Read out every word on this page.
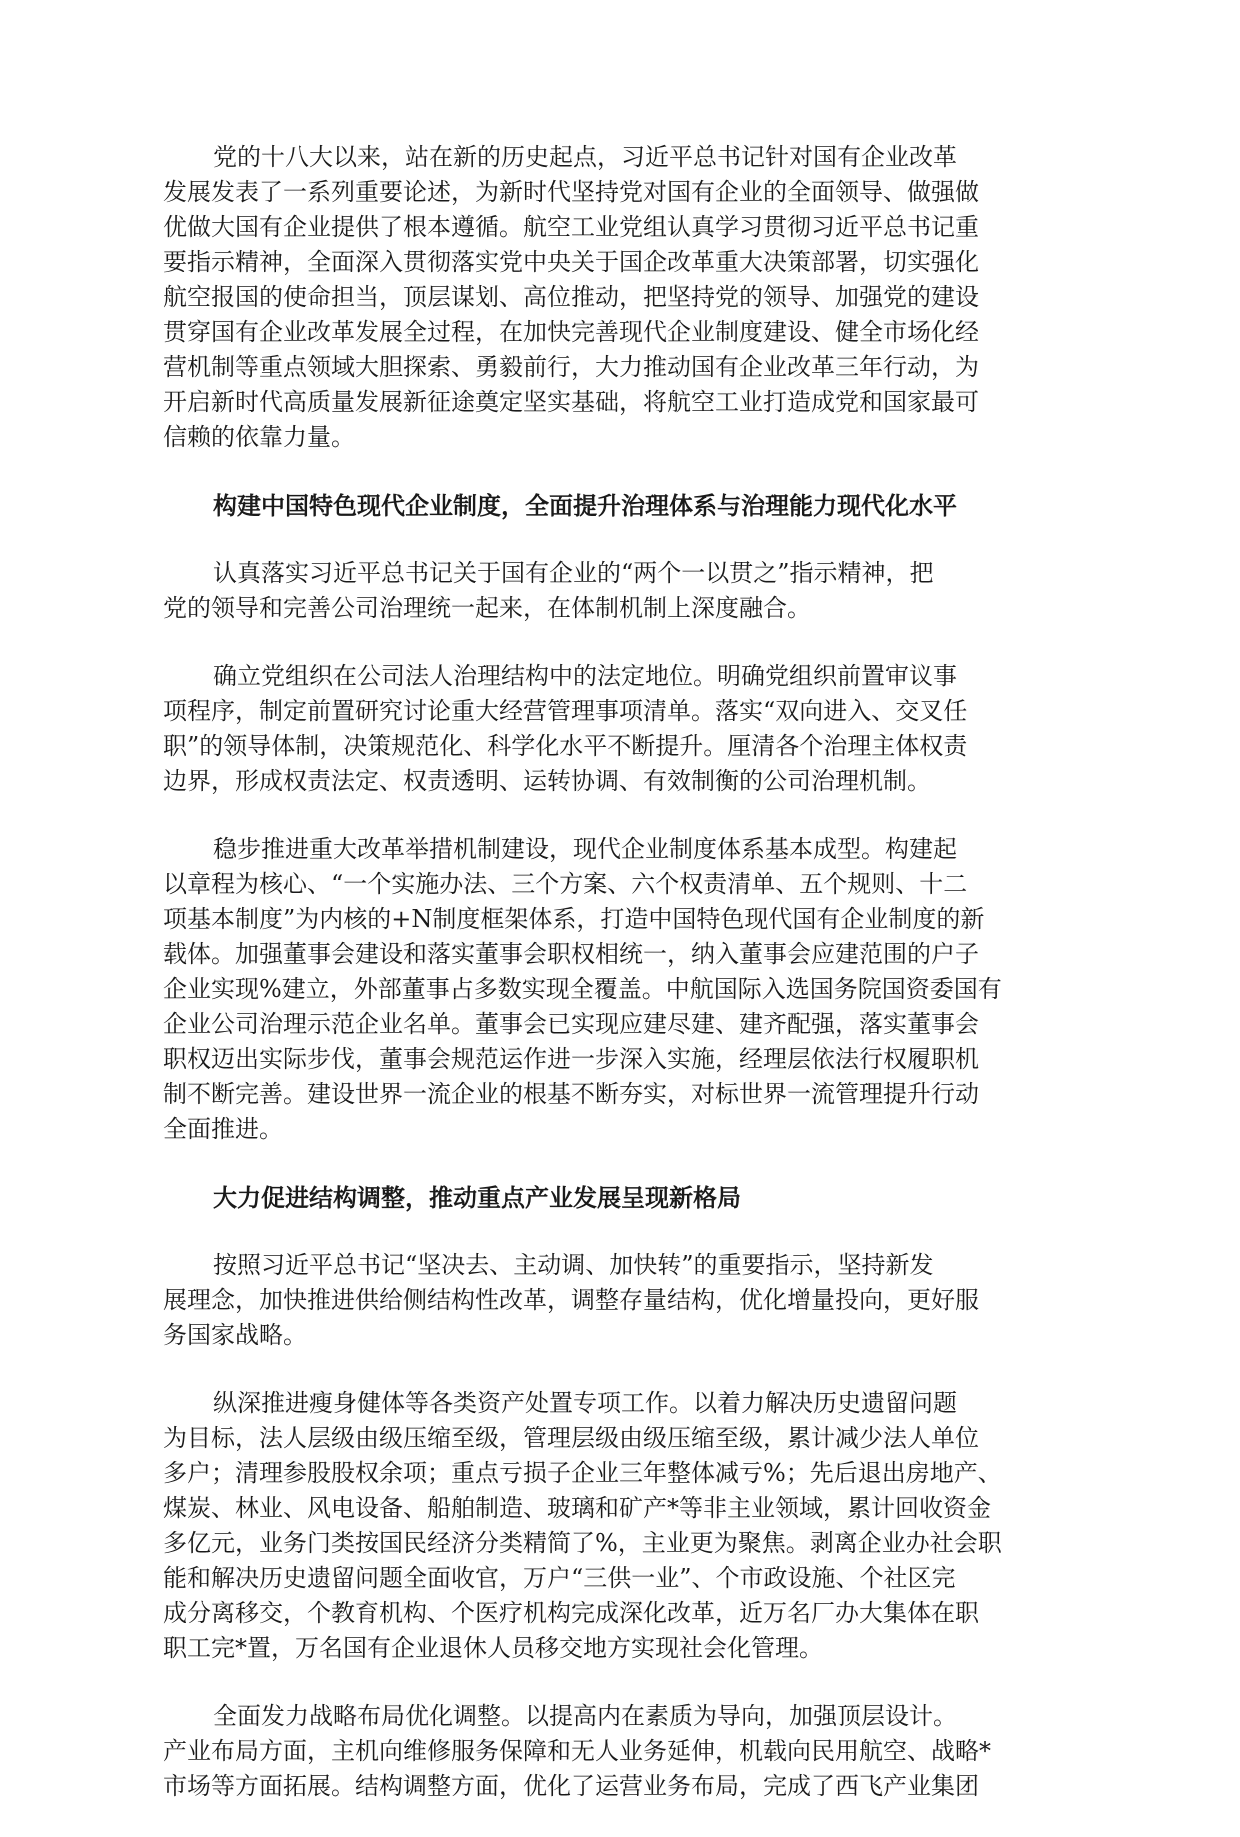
党的十八大以来，站在新的历史起点，习近平总书记针对国有企业改革
发展发表了一系列重要论述，为新时代坚持党对国有企业的全面领导、做强做
优做大国有企业提供了根本遵循。航空工业党组认真学习贯彻习近平总书记重
要指示精神，全面深入贯彻落实党中央关于国企改革重大决策部署，切实强化
航空报国的使命担当，顶层谋划、高位推动，把坚持党的领导、加强党的建设
贯穿国有企业改革发展全过程，在加快完善现代企业制度建设、健全市场化经
营机制等重点领域大胆探索、勇毅前行，大力推动国有企业改革三年行动，为
开启新时代高质量发展新征途奠定坚实基础，将航空工业打造成党和国家最可
信赖的依靠力量。
构建中国特色现代企业制度，全面提升治理体系与治理能力现代化水平
认真落实习近平总书记关于国有企业的“两个一以贯之”指示精神，把
党的领导和完善公司治理统一起来，在体制机制上深度融合。
确立党组织在公司法人治理结构中的法定地位。明确党组织前置审议事
项程序，制定前置研究讨论重大经营管理事项清单。落实“双向进入、交叉任
职”的领导体制，决策规范化、科学化水平不断提升。厘清各个治理主体权责
边界，形成权责法定、权责透明、运转协调、有效制衡的公司治理机制。
稳步推进重大改革举措机制建设，现代企业制度体系基本成型。构建起
以章程为核心、“一个实施办法、三个方案、六个权责清单、五个规则、十二
项基本制度”为内核的+N制度框架体系，打造中国特色现代国有企业制度的新
载体。加强董事会建设和落实董事会职权相统一，纳入董事会应建范围的户子
企业实现%建立，外部董事占多数实现全覆盖。中航国际入选国务院国资委国有
企业公司治理示范企业名单。董事会已实现应建尽建、建齐配强，落实董事会
职权迈出实际步伐，董事会规范运作进一步深入实施，经理层依法行权履职机
制不断完善。建设世界一流企业的根基不断夯实，对标世界一流管理提升行动
全面推进。
大力促进结构调整，推动重点产业发展呈现新格局
按照习近平总书记“坚决去、主动调、加快转”的重要指示，坚持新发
展理念，加快推进供给侧结构性改革，调整存量结构，优化增量投向，更好服
务国家战略。
纵深推进瘦身健体等各类资产处置专项工作。以着力解决历史遗留问题
为目标，法人层级由级压缩至级，管理层级由级压缩至级，累计减少法人单位
多户；清理参股股权余项；重点亏损子企业三年整体减亏%；先后退出房地产、
煤炭、林业、风电设备、船舶制造、玻璃和矿产*等非主业领域，累计回收资金
多亿元，业务门类按国民经济分类精简了%，主业更为聚焦。剥离企业办社会职
能和解决历史遗留问题全面收官，万户“三供一业”、个市政设施、个社区完
成分离移交，个教育机构、个医疗机构完成深化改革，近万名厂办大集体在职
职工完*置，万名国有企业退休人员移交地方实现社会化管理。
全面发力战略布局优化调整。以提高内在素质为导向，加强顶层设计。
产业布局方面，主机向维修服务保障和无人业务延伸，机载向民用航空、战略*
市场等方面拓展。结构调整方面，优化了运营业务布局，完成了西飞产业集团
